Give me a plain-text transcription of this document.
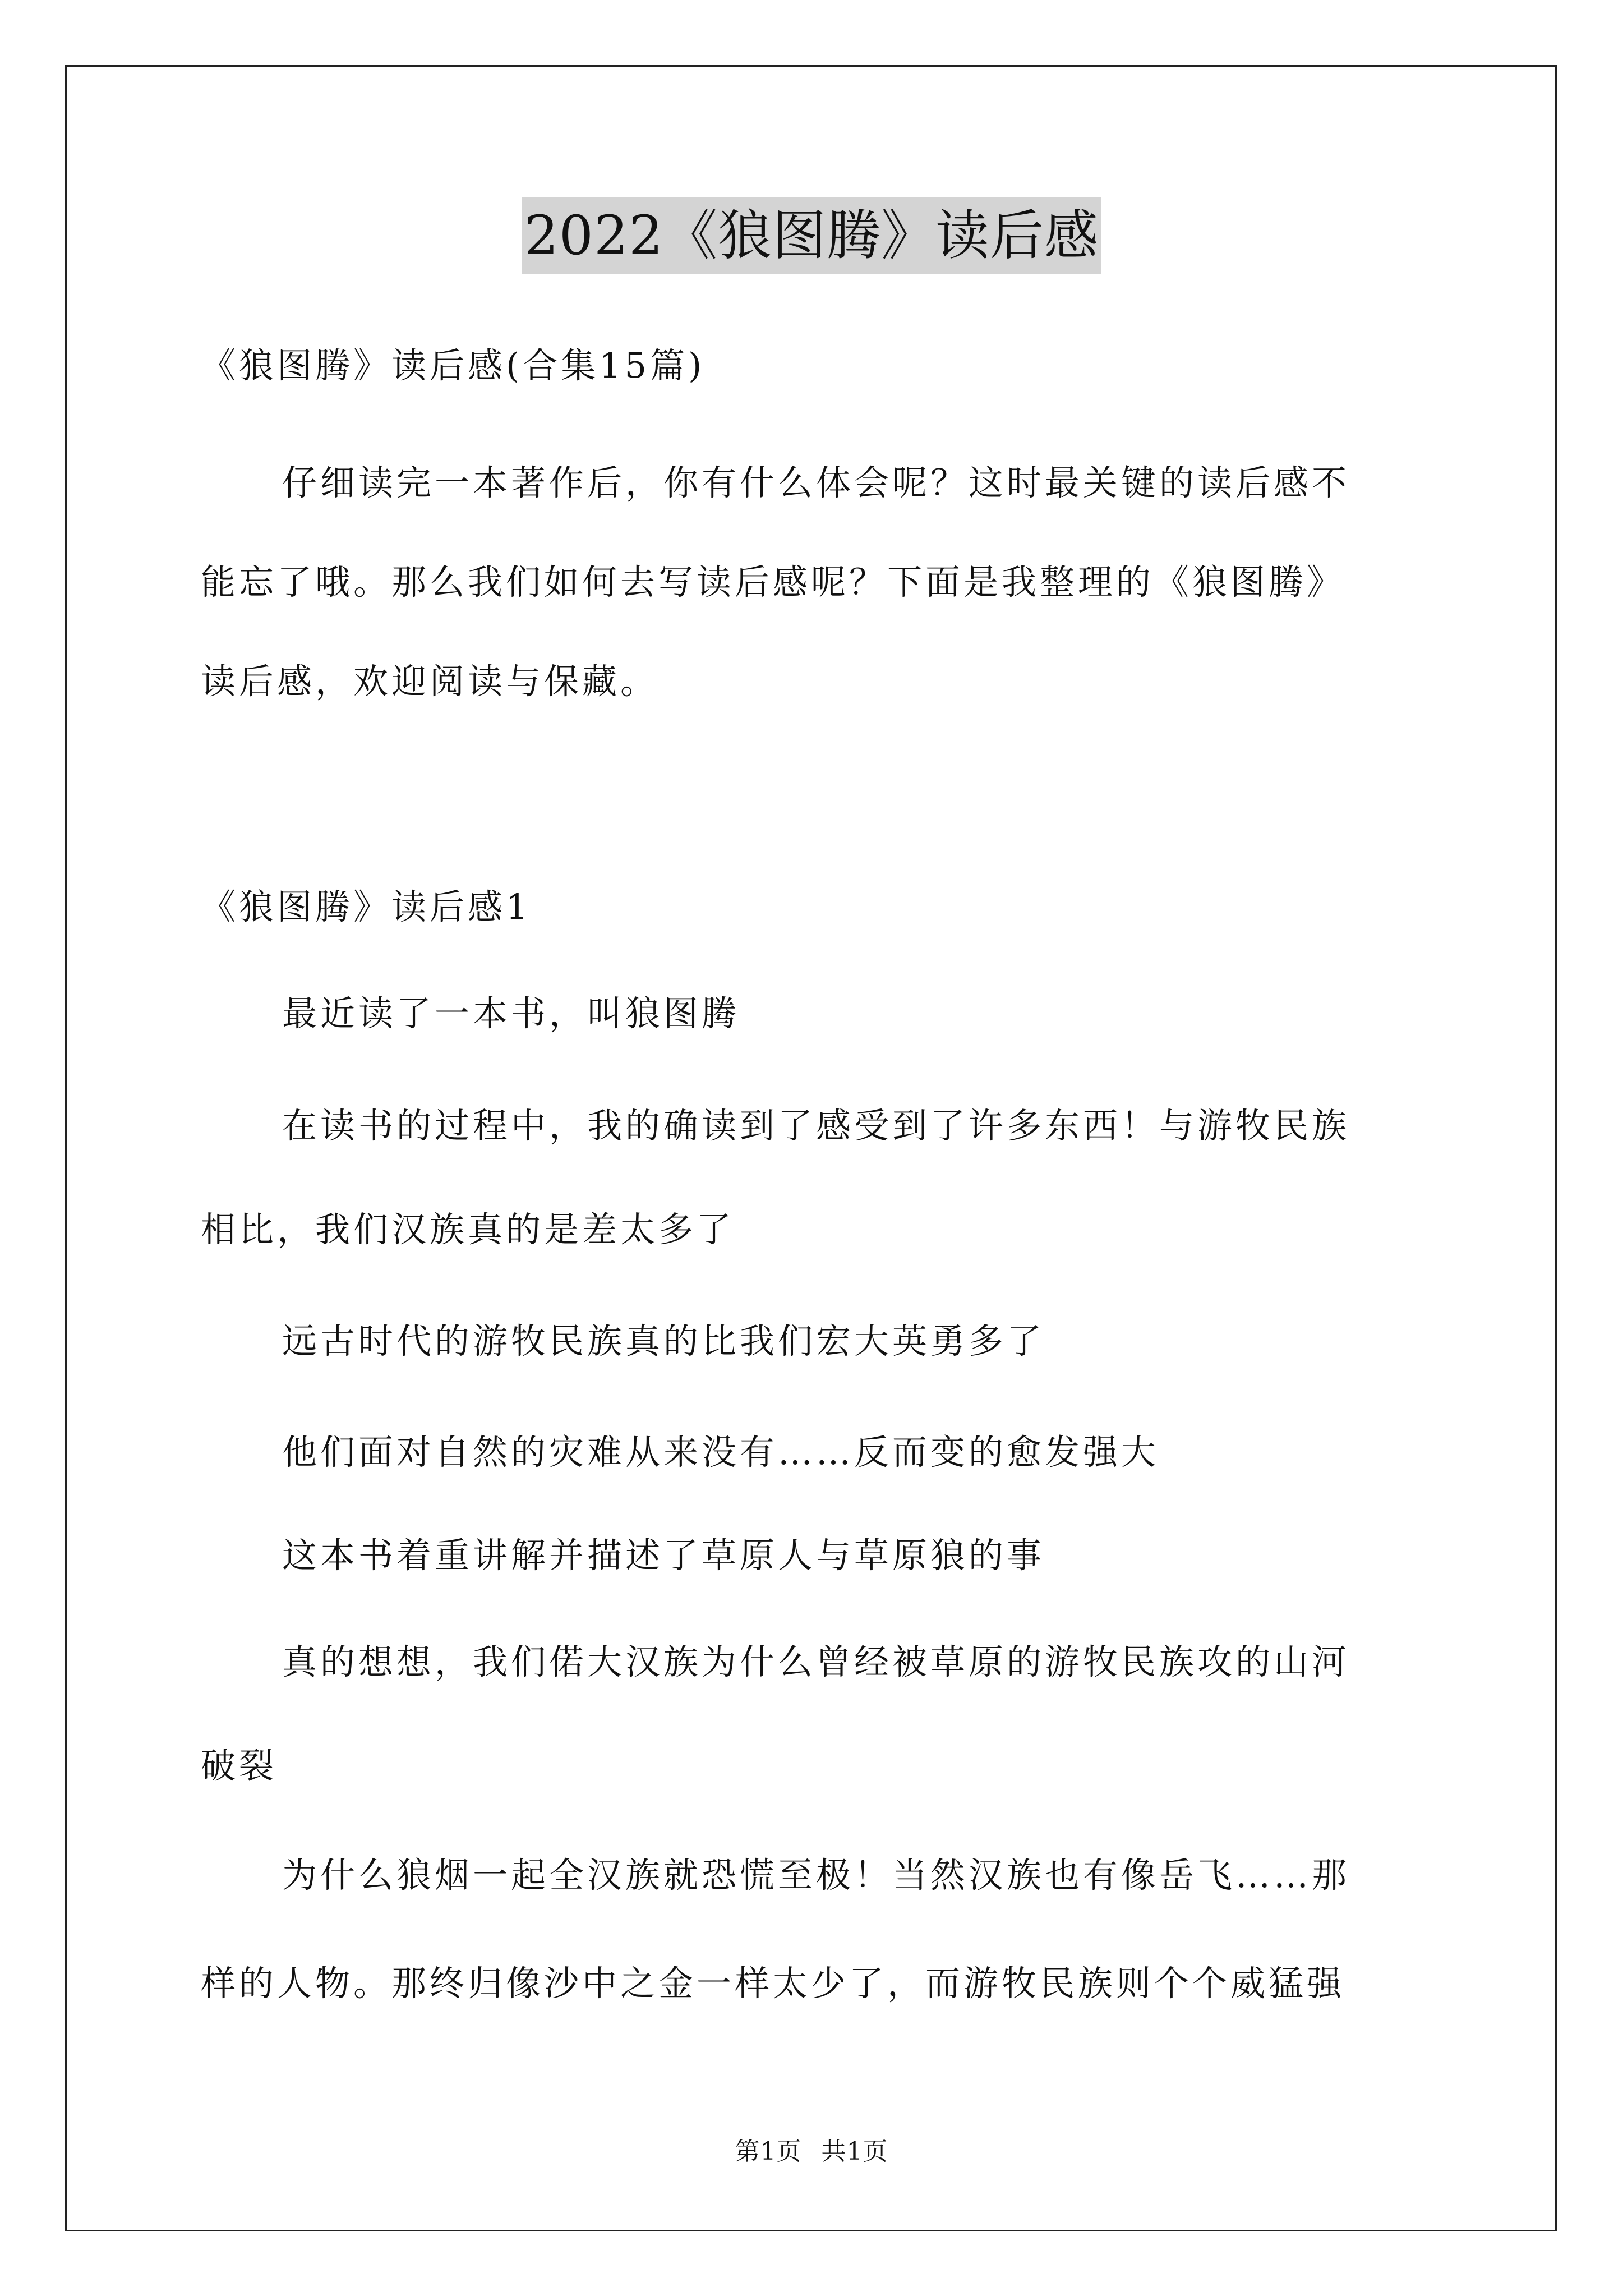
2022《狼图腾》读后感
《狼图腾》读后感(合集15篇)
仔细读完一本著作后，你有什么体会呢？这时最关键的读后感不
能忘了哦。那么我们如何去写读后感呢？下面是我整理的《狼图腾》
读后感，欢迎阅读与保藏。
《狼图腾》读后感1
最近读了一本书，叫狼图腾
在读书的过程中，我的确读到了感受到了许多东西！与游牧民族
相比，我们汉族真的是差太多了
远古时代的游牧民族真的比我们宏大英勇多了
他们面对自然的灾难从来没有……反而变的愈发强大
这本书着重讲解并描述了草原人与草原狼的事
真的想想，我们偌大汉族为什么曾经被草原的游牧民族攻的山河
破裂
为什么狼烟一起全汉族就恐慌至极！当然汉族也有像岳飞……那
样的人物。那终归像沙中之金一样太少了，而游牧民族则个个威猛强
第1页 共1页
